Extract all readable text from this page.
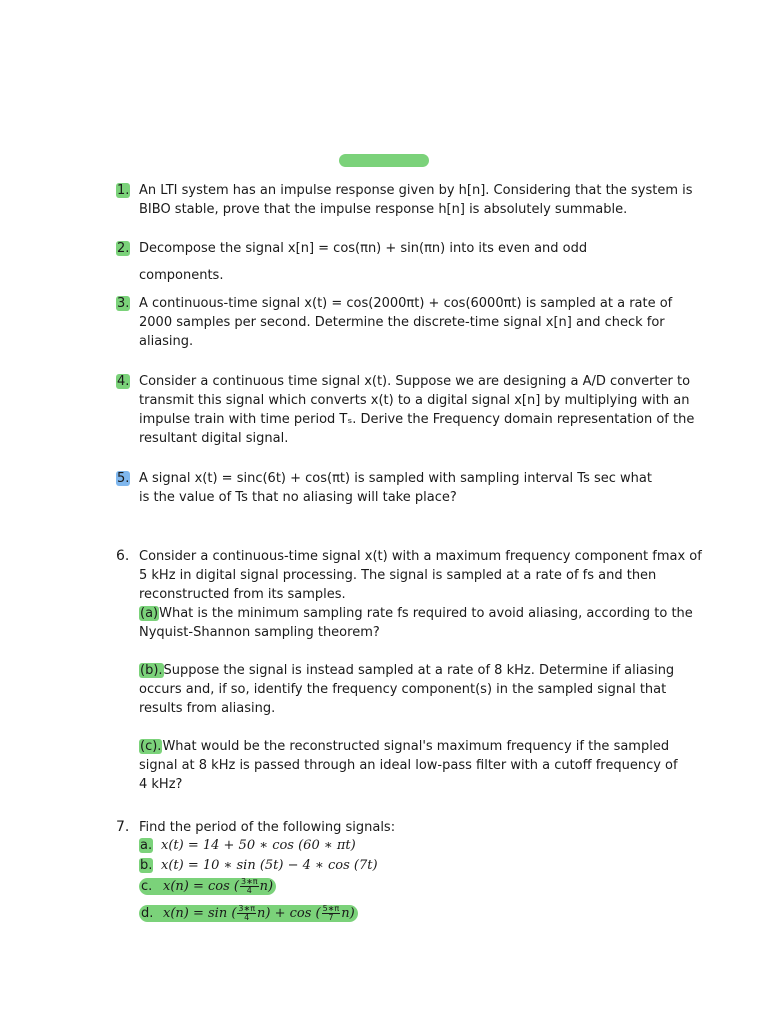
1. An LTI system has an impulse response given by h[n]. Considering that the system is
BIBO stable, prove that the impulse response h[n] is absolutely summable.
2. Decompose the signal x[n] = cos(πn) + sin(πn) into its even and odd
components.
3. A continuous-time signal x(t) = cos(2000πt) + cos(6000πt) is sampled at a rate of
2000 samples per second. Determine the discrete-time signal x[n] and check for
aliasing.
4. Consider a continuous time signal x(t). Suppose we are designing a A/D converter to
transmit this signal which converts x(t) to a digital signal x[n] by multiplying with an
impulse train with time period Tₛ. Derive the Frequency domain representation of the
resultant digital signal.
5. A signal x(t) = sinc(6t) + cos(πt) is sampled with sampling interval Ts sec what
is the value of Ts that no aliasing will take place?
6. Consider a continuous-time signal x(t) with a maximum frequency component fmax of
5 kHz in digital signal processing. The signal is sampled at a rate of fs and then
reconstructed from its samples.
(a)What is the minimum sampling rate fs required to avoid aliasing, according to the
Nyquist-Shannon sampling theorem?
(b).Suppose the signal is instead sampled at a rate of 8 kHz. Determine if aliasing
occurs and, if so, identify the frequency component(s) in the sampled signal that
results from aliasing.
(c).What would be the reconstructed signal's maximum frequency if the sampled
signal at 8 kHz is passed through an ideal low-pass filter with a cutoff frequency of
4 kHz?
7. Find the period of the following signals:
a. x(t) = 14 + 50 ∗ cos (60 ∗ πt)
b. x(t) = 10 ∗ sin (5t) − 4 ∗ cos (7t)
c. x(n) = cos ( $\frac{3∗\pi}{4} n$)
d. x(n) = sin ( $\frac{3∗\pi}{4} n) + \cos$ ( $\frac{5∗\pi}{7} n$)
